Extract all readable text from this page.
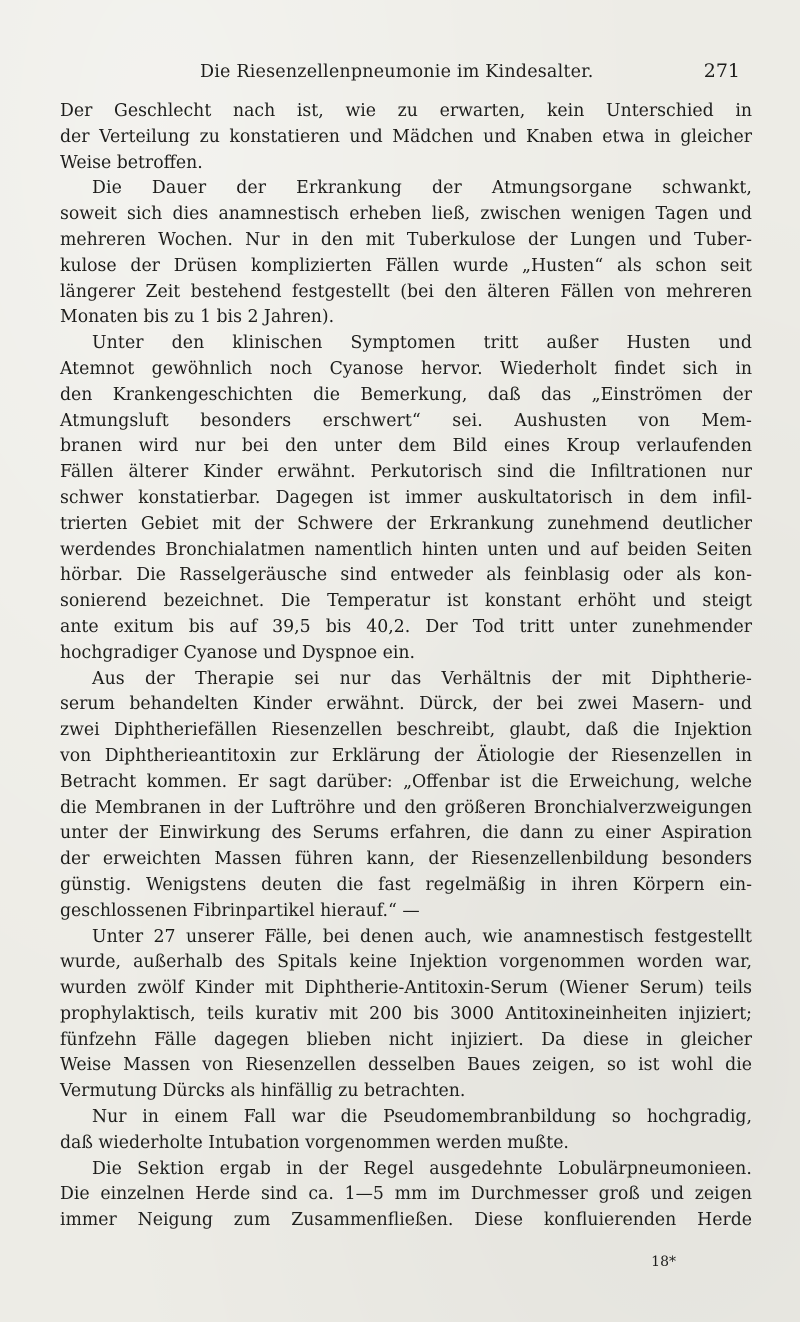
Die Riesenzellenpneumonie im Kindesalter.	271
Der Geschlecht nach ist, wie zu erwarten, kein Unterschied in
der Verteilung zu konstatieren und Mädchen und Knaben etwa in gleicher
Weise betroffen.
Die Dauer der Erkrankung der Atmungsorgane schwankt,
soweit sich dies anamnestisch erheben ließ, zwischen wenigen Tagen und
mehreren Wochen. Nur in den mit Tuberkulose der Lungen und Tuber-
kulose der Drüsen komplizierten Fällen wurde „Husten“ als schon seit
längerer Zeit bestehend festgestellt (bei den älteren Fällen von mehreren
Monaten bis zu 1 bis 2 Jahren).
Unter den klinischen Symptomen tritt außer Husten und
Atemnot gewöhnlich noch Cyanose hervor. Wiederholt findet sich in
den Krankengeschichten die Bemerkung, daß das „Einströmen der
Atmungsluft besonders erschwert“ sei. Aushusten von Mem-
branen wird nur bei den unter dem Bild eines Kroup verlaufenden
Fällen älterer Kinder erwähnt. Perkutorisch sind die Infiltrationen nur
schwer konstatierbar. Dagegen ist immer auskultatorisch in dem infil-
trierten Gebiet mit der Schwere der Erkrankung zunehmend deutlicher
werdendes Bronchialatmen namentlich hinten unten und auf beiden Seiten
hörbar. Die Rasselgeräusche sind entweder als feinblasig oder als kon-
sonierend bezeichnet. Die Temperatur ist konstant erhöht und steigt
ante exitum bis auf 39,5 bis 40,2. Der Tod tritt unter zunehmender
hochgradiger Cyanose und Dyspnoe ein.
Aus der Therapie sei nur das Verhältnis der mit Diphtherie-
serum behandelten Kinder erwähnt. Dürck, der bei zwei Masern- und
zwei Diphtheriefällen Riesenzellen beschreibt, glaubt, daß die Injektion
von Diphtherieantitoxin zur Erklärung der Ätiologie der Riesenzellen in
Betracht kommen. Er sagt darüber: „Offenbar ist die Erweichung, welche
die Membranen in der Luftröhre und den größeren Bronchialverzweigungen
unter der Einwirkung des Serums erfahren, die dann zu einer Aspiration
der erweichten Massen führen kann, der Riesenzellenbildung besonders
günstig. Wenigstens deuten die fast regelmäßig in ihren Körpern ein-
geschlossenen Fibrinpartikel hierauf.“ —
Unter 27 unserer Fälle, bei denen auch, wie anamnestisch festgestellt
wurde, außerhalb des Spitals keine Injektion vorgenommen worden war,
wurden zwölf Kinder mit Diphtherie-Antitoxin-Serum (Wiener Serum) teils
prophylaktisch, teils kurativ mit 200 bis 3000 Antitoxineinheiten injiziert;
fünfzehn Fälle dagegen blieben nicht injiziert. Da diese in gleicher
Weise Massen von Riesenzellen desselben Baues zeigen, so ist wohl die
Vermutung Dürcks als hinfällig zu betrachten.
Nur in einem Fall war die Pseudomembranbildung so hochgradig,
daß wiederholte Intubation vorgenommen werden mußte.
Die Sektion ergab in der Regel ausgedehnte Lobulärpneumonieen.
Die einzelnen Herde sind ca. 1—5 mm im Durchmesser groß und zeigen
immer Neigung zum Zusammenfließen. Diese konfluierenden Herde
18*
